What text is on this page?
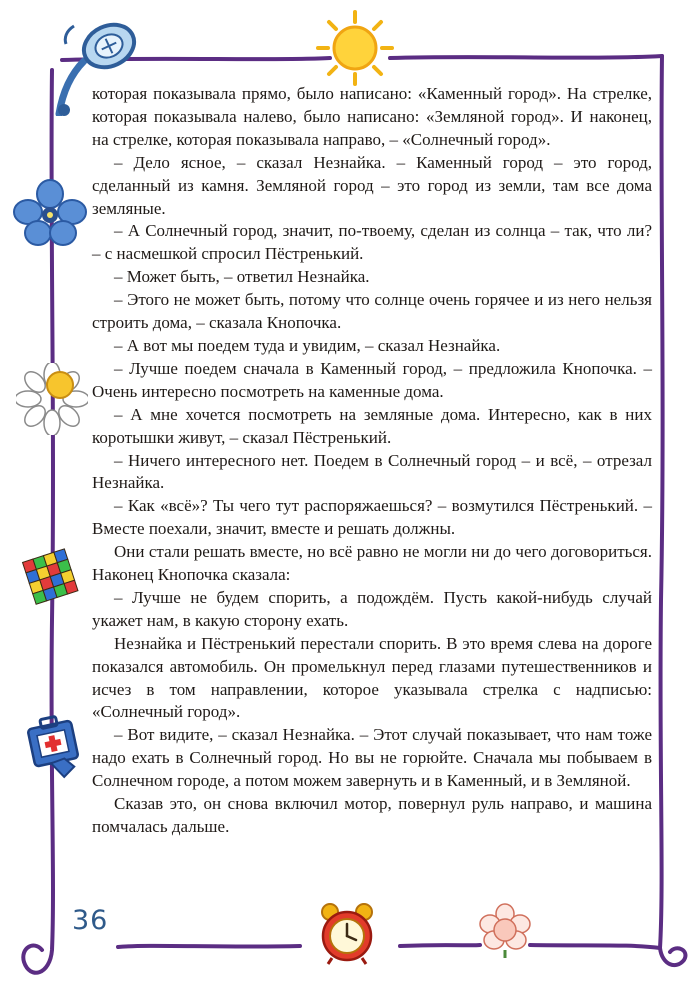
которая показывала прямо, было написано: «Каменный город». На стрелке, которая показывала налево, было написано: «Земляной город». И наконец, на стрелке, которая показывала направо, – «Солнечный город».

– Дело ясное, – сказал Незнайка. – Каменный город – это город, сделанный из камня. Земляной город – это город из земли, там все дома земляные.

– А Солнечный город, значит, по-твоему, сделан из солнца – так, что ли? – с насмешкой спросил Пёстренький.

– Может быть, – ответил Незнайка.

– Этого не может быть, потому что солнце очень горячее и из него нельзя строить дома, – сказала Кнопочка.

– А вот мы поедем туда и увидим, – сказал Незнайка.

– Лучше поедем сначала в Каменный город, – предложила Кнопочка. – Очень интересно посмотреть на каменные дома.

– А мне хочется посмотреть на земляные дома. Интересно, как в них коротышки живут, – сказал Пёстренький.

– Ничего интересного нет. Поедем в Солнечный город – и всё, – отрезал Незнайка.

– Как «всё»? Ты чего тут распоряжаешься? – возмутился Пёстренький. – Вместе поехали, значит, вместе и решать должны.

Они стали решать вместе, но всё равно не могли ни до чего договориться. Наконец Кнопочка сказала:

– Лучше не будем спорить, а подождём. Пусть какой-нибудь случай укажет нам, в какую сторону ехать.

Незнайка и Пёстренький перестали спорить. В это время слева на дороге показался автомобиль. Он промелькнул перед глазами путешественников и исчез в том направлении, которое указывала стрелка с надписью: «Солнечный город».

– Вот видите, – сказал Незнайка. – Этот случай показывает, что нам тоже надо ехать в Солнечный город. Но вы не горюйте. Сначала мы побываем в Солнечном городе, а потом можем завернуть и в Каменный, и в Земляной.

Сказав это, он снова включил мотор, повернул руль направо, и машина помчалась дальше.

36
